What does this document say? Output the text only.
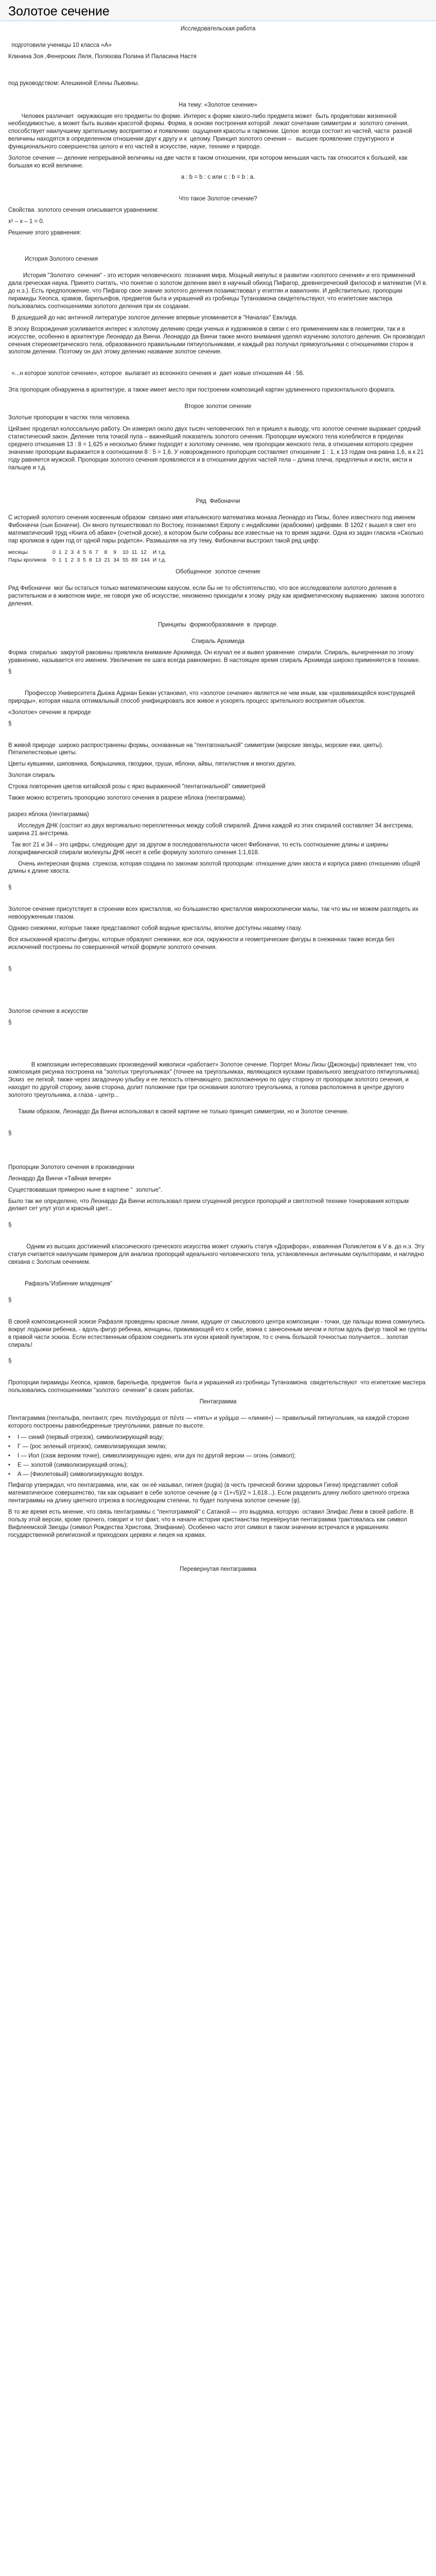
Золотое сечение

Исследовательская работа

подготовили ученицы 10 класса «А»

Клинина Зоя ,Фенерских Ляля, Поляхова Полина И Паласина Настя

под руководством: Алешкиной Елены Львовны.

На тему: «Золотое сечение»

Человек различает  окружающие его предметы по форме. Интерес к форме какого-либо предмета может  быть продиктован жизненной необходимостью, а может быть вызван красотой формы. Форма, в основе построения которой  лежат сочетание симметрии и  золотого сечения, способствует наилучшему зрительному восприятию и появлению  ощущения красоты и гармонии. Целое  всегда состоит из частей, части  разной величины находятся в определенном отношении друг к другу и к  целому. Принцип золотого сечения –   высшее проявление структурного и функционального совершенства целого и его частей в искусстве, науке, технике и природе.

Золотое сечение — деление непрерывной величины на две части в таком отношении, при котором меньшая часть так относится к большей, как большая ко всей величине.

a : b = b : c или с : b = b : а.

Что такое Золотое сечение?

Свойства  золотого сечения описывается уравнением:

x² – x – 1 = 0.

Решение этого уравнения:

История Золотого сечения

История "Золотого  сечения" - это история человеческого  познания мира. Мощный импульс в развитии «золотого сечения» и его применений дала греческая наука. Принято считать, что понятие о золотом делении ввел в научный обиход Пифагор, древнегреческий философ и математик (VI в. до н.э.). Есть предположение, что Пифагор свое знание золотого деления позаимствовал у египтян и вавилонян. И действительно, пропорции пирамиды Хеопса, храмов, барельефов, предметов быта и украшений из гробницы Тутанхамона свидетельствуют, что египетские мастера пользовались соотношениями золотого деления при их создании.

В дошедшей до нас античной литературе золотое деление впервые упоминается в "Началах" Евклида.

В эпоху Возрождения усиливается интерес к золотому делению среди ученых и художников в связи с его применением как в геометрии, так и в искусстве, особенно в архитектуре Леонардо да Винчи. Леонардо да Винчи также много внимания уделял изучению золотого деления. Он производил сечения стереометрического тела, образованного правильными пятиугольниками, и каждый раз получал прямоугольники с отношениями сторон в золотом делении. Поэтому он дал этому делению название золотое сечение.

«...н которое золотое сечение», которое  вылагает из всеонного сечения и  дает новые отношения 44 : 56.

Эта пропорция обнаружена в архитектуре, а также имеет место при построении композиций картин удлиненного горизонтального формата.

Второе золотое сечение

Золотые пропорции в частях тела человека.

Цейзинг проделал колоссальную работу. Он измерил около двух тысяч человеческих тел и пришел к выводу, что золотое сечение выражает средний статистический закон. Деление тела точкой пупа – важнейший показатель золотого сечения. Пропорции мужского тела колеблются в пределах среднего отношения 13 : 8 = 1,625 и несколько ближе подходят к золотому сечению, чем пропорции женского тела, в отношении которого среднее значение пропорции выражается в соотношении 8 : 5 = 1,6. У новорожденного пропорция составляет отношение 1 : 1, к 13 годам она равна 1,6, а к 21 году равняется мужской. Пропорции золотого сечения проявляются и в отношении других частей тела – длина плеча, предплечья и кисти, кисти и пальцев и т.д.

Ряд  Фибоначчи

С историей золотого сечения косвенным образом  связано имя итальянского математика монаха Леонардо из Пизы, более известного под именем Фибоначчи (сын Боначчи). Он много путешествовал по Востоку, познакомил Европу с индийскими (арабскими) цифрами. В 1202 г вышел в свет его математический труд «Книга об абаке» (счетной доске), в котором были собраны все известные на то время задачи. Одна из задач гласила «Сколько пар кроликов в один год от одной пары родится». Размышляя на эту тему, Фибоначчи выстроил такой ряд цифр:

месяцы	0	1	2	3	4	5	6	7	8	9	10	11	12	И т.д.
Пары кроликов	0	1	1	2	3	5	8	13	21	34	55	89	144	И т.д.

Обобщенное  золотое сечение

Ряд Фибоначчи  мог бы остаться только математическим казусом, если бы не то обстоятельство, что все исследователи золотого деления в растительном и в животном мире, не говоря уже об искусстве, неизменно приходили к этому  ряду как арифметическому выражению  закона золотого деления.

Принципы  формообразования  в  природе.

Спираль Архимеда

Форма  спиралью  закрутой раковины привлекла внимание Архимеда. Он изучал ее и вывел уравнение  спирали. Спираль, вычерченная по этому уравнению, называется его именем. Увеличение ее шага всегда равномерно. В настоящее время спираль Архимеда широко применяется в технике.

§

Профессор Университета Дьюка Адриан Бежан установил, что «золотое сечение» является не чем иным, как «развивающейся конструкцией природы», которая нашла оптимальный способ унифицировать все живое и ускорять процесс зрительного восприятия объектов.

«Золотое» сечение в природе

§

В живой природе  широко распространены формы, основанные на "пентагональной" симметрии (морские звезды, морские ежи, цветы). Пятилепестковые цветы.

Цветы кувшинки, шиповника, боярышника, гвоздики, груши, яблони, айвы, пятилистник и многих других.

Золотая спираль

Строка повторения цветов китайской розы с ярко выраженной "пентагональной" симметрией

Также можно встретить пропорцию золотого сечения в разрезе яблока (пентаграмма).

разрез яблока (пентаграмма)

Исследуя ДНК (состоит из двух вертикально переплетенных между собой спиралей. Длина каждой из этих спиралей составляет 34 ангстрема, ширина 21 ангстрема.

Так вот 21 и 34 – это цифры, следующие друг за другом в последовательности чисел Фибоначчи, то есть соотношение длины и ширины логарифмической спирали молекулы ДНК несет в себе формулу золотого сечения 1:1,618.

Очень интересная форма  стрекоза, которая создана по законам золотой пропорции: отношение длин хвоста и корпуса равно отношению общей длины к длине хвоста.

§

Золотое сечение присутствует в строении всех кристаллов, но большинство кристаллов микроскопически малы, так что мы не можем разглядеть их невооруженным глазом.

Однако снежинки, которые также представляют собой водные кристаллы, вполне доступны нашему глазу.

Все изысканной красоты фигуры, которые образуют снежинки, все оси, окружности и геометрические фигуры в снежинках также всегда без исключений построены по совершенной четкой формуле золотого сечения.

§

Золотое сечение в искусстве

§

В композиции интересовавших произведений живописи «работает» Золотое сечение. Портрет Моны Лизы (Джоконды) привлекает тем, что композиция рисунка построена на "золотых треугольниках" (точнее на треугольниках, являющихся кусками правильного звездчатого пятиугольника). Эскиз  ее легкой, также через загадочную улыбку и ее легкость отвечающего, расположенную по одну сторону от пропорции золотого сечения, и находит по другой сторону, заняв сторона, долит положение при три основания золотого треугольника, а голова расположена в центре другого золотого треугольника, а глаза - центр...

Таким образом, Леонардо Да Винчи использовал в своей картине не только принцип симметрии, но и Золотое сечение.

§

Пропорции Золотого сечения в произведении

Леонардо Да Винчи «Тайная вечеря»

Существовавшая примерно ныне в картине “  золотые”.

Было так же определено, что Леонардо Да Винчи использовал прием сгущенной ресурсе пропорций и светлотной технике тонирования которым делает сет улут угол и красный цвет...

§

Одним из высших достижений классического греческого искусства может служить статуя «Дорифора», изваянная Поликлетом в V в. до н.э. Эту статуя считается наилучшим примером для анализа пропорций идеального человеческого тела, установленных античными скульпторами, и наглядно связана с Золотым сечением.

Рафаэль“Избиение младенцев”

§

В своей композиционной эскизе Рафаэля проведены красные линии, идущие от смыслового центра композиции - точки, где пальцы воина сомкнулись вокруг лодыжки ребенка, - вдоль фигур ребенка, женщины, прижимающей его к себе, воина с занесенным мечом и потом вдоль фигур такой же группы в правой части эскиза. Если естественным образом соединить эти куски кривой пунктиром, то с очень большой точностью получается... золотая спираль!

§

Пропорции пирамиды Хеопса, храмов, барельефа, предметов  быта и украшений из гробницы Тутанхамона  свидетельствуют  что египетские мастера пользовались соотношениями "золотого  сечения" в своих работах.

Пентаграмма

Пентаграмма (пентальфа, пентангл; греч. πεντάγραμμα от πέντε — «пять» и γράμμα — «линия») — правильный пятиугольник, на каждой стороне которого построены равнобедренные треугольники, равные по высоте.

•	I — синий (первый отрезок), символизирующий воду;
•	Γ — (рос зеленый отрезок), символизирующая землю;
•	I — Иол (схаж верхним точке), символизирующую идею, или дух по другой версии — огонь (символ);
•	E — золотой (символизирующий огонь);
•	A — (Фиолетовый) символизирующую воздух.

Пифагор утверждал, что пентаграмма, или, как  он её называл, гигиея (pugia) (в честь греческой богини здоровья Гигеи) представляет собой математическое совершенство, так как скрывает в себе золотое сечение (φ = (1+√5)/2 ≈ 1,618...). Если разделить длину любого цветного отрезка пентаграммы на длину цветного отрезка в последующем степени, то будет получена золотое сечение (φ).

В то же время есть мнение, что связь пентаграммы с "пентограммой" с Сатаной — это выдумка, которую  оставил Элифас Леви в своей работе. В пользу этой версии, кроме прочего, говорит и тот факт, что в начале истории христианства перевёрнутая пентаграмма трактовалась как символ Вифлеемской Звезды (символ Рождества Христова, Эпифании). Особенно часто этот символ в таком значении встречался в украшениях государственной религиозной и приходских церквях и лицея на храмах.

Перевернутая пентаграмма
